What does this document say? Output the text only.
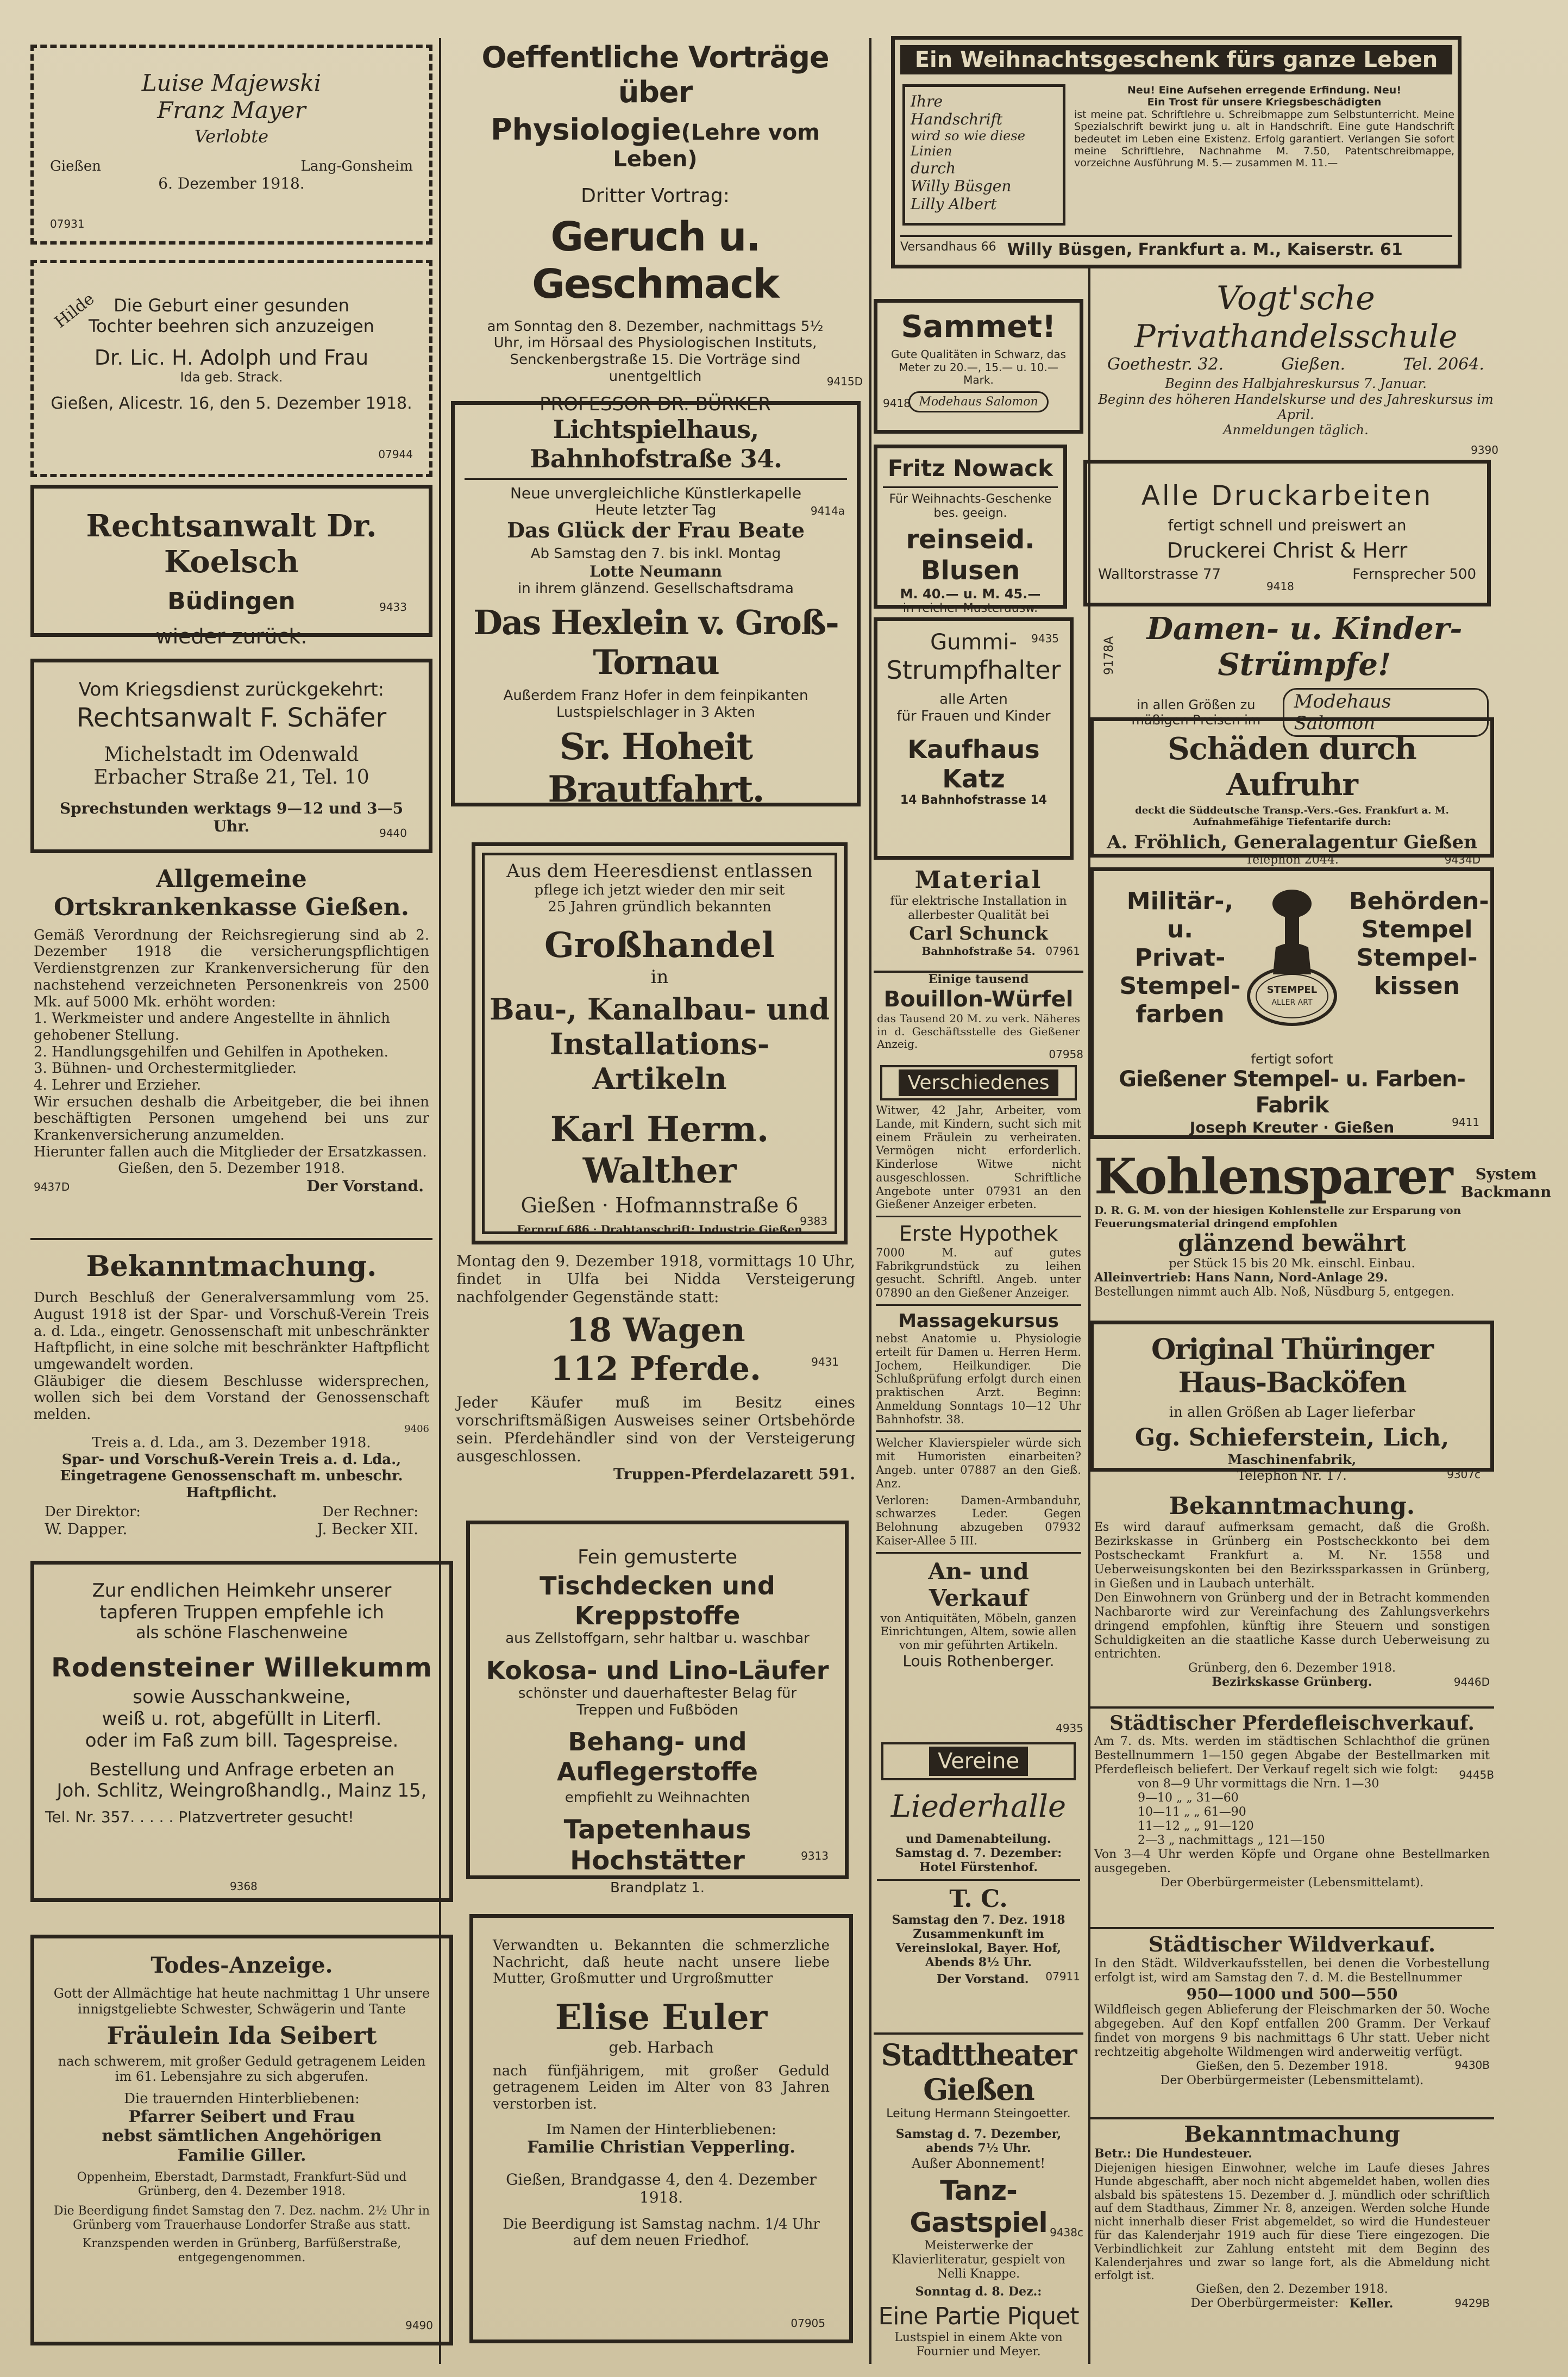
Luise Majewski
Franz Mayer
Verlobte
Gießen	Lang-Gonsheim
6. Dezember 1918.
07931
Hilde Die Geburt einer gesunden
Tochter beehren sich anzuzeigen
Dr. Lic. H. Adolph und Frau
Ida geb. Strack.
Gießen, Alicestr. 16, den 5. Dezember 1918.
07944
Rechtsanwalt Dr. Koelsch
Büdingen
wieder zurück.
9433
Vom Kriegsdienst zurückgekehrt:
Rechtsanwalt F. Schäfer
Michelstadt im Odenwald
Erbacher Straße 21, Tel. 10
Sprechstunden werktags 9—12 und 3—5 Uhr.	9440
Allgemeine Ortskrankenkasse Gießen.
Gemäß Verordnung der Reichsregierung sind ab 2. Dezember 1918 die versicherungspflichtigen Verdienstgrenzen zur Krankenversicherung für den nachstehend verzeichneten Personenkreis von 2500 Mk. auf 5000 Mk. erhöht worden:
1. Werkmeister und andere Angestellte in ähnlich gehobener Stellung.
2. Handlungsgehilfen und Gehilfen in Apotheken.
3. Bühnen- und Orchestermitglieder.
4. Lehrer und Erzieher.
Wir ersuchen deshalb die Arbeitgeber, die bei ihnen beschäftigten Personen umgehend bei uns zur Krankenversicherung anzumelden.
Hierunter fallen auch die Mitglieder der Ersatzkassen.
Gießen, den 5. Dezember 1918.
9437D	Der Vorstand.
Bekanntmachung.
Durch Beschluß der Generalversammlung vom 25. August 1918 ist der Spar- und Vorschuß-Verein Treis a. d. Lda., eingetr. Genossenschaft mit unbeschränkter Haftpflicht, in eine solche mit beschränkter Haftpflicht umgewandelt worden.
Gläubiger die diesem Beschlusse widersprechen, wollen sich bei dem Vorstand der Genossenschaft melden.
9406
Treis a. d. Lda., am 3. Dezember 1918.
Spar- und Vorschuß-Verein Treis a. d. Lda., Eingetragene Genossenschaft m. unbeschr. Haftpflicht.
Der Direktor:	Der Rechner:
W. Dapper.	J. Becker XII.
Zur endlichen Heimkehr unserer
tapferen Truppen empfehle ich
als schöne Flaschenweine
Rodensteiner Willekumm
sowie Ausschankweine,
weiß u. rot, abgefüllt in Literfl.
oder im Faß zum bill. Tagespreise.
Bestellung und Anfrage erbeten an
Joh. Schlitz, Weingroßhandlg., Mainz 15,
Tel. Nr. 357. . . . . Platzvertreter gesucht!
9368
Todes-Anzeige.
Gott der Allmächtige hat heute nachmittag 1 Uhr unsere innigstgeliebte Schwester, Schwägerin und Tante
Fräulein Ida Seibert
nach schwerem, mit großer Geduld getragenem Leiden im 61. Lebensjahre zu sich abgerufen.
Die trauernden Hinterbliebenen:
Pfarrer Seibert und Frau
nebst sämtlichen Angehörigen
Familie Giller.
Oppenheim, Eberstadt, Darmstadt, Frankfurt-Süd und Grünberg, den 4. Dezember 1918.
Die Beerdigung findet Samstag den 7. Dez. nachm. 2½ Uhr in Grünberg vom Trauerhause Londorfer Straße aus statt.
Kranzspenden werden in Grünberg, Barfüßerstraße, entgegengenommen.
9490
Oeffentliche Vorträge über
Physiologie(Lehre vom Leben)
Dritter Vortrag:
Geruch u. Geschmack
am Sonntag den 8. Dezember, nachmittags 5½ Uhr, im Hörsaal des Physiologischen Instituts, Senckenbergstraße 15. Die Vorträge sind unentgeltlich
PROFESSOR DR. BÜRKER
9415D
Lichtspielhaus, Bahnhofstraße 34.
Neue unvergleichliche Künstlerkapelle
Heute letzter Tag	9414a
Das Glück der Frau Beate
Ab Samstag den 7. bis inkl. Montag
Lotte Neumann
in ihrem glänzend. Gesellschaftsdrama
Das Hexlein v. Groß-Tornau
Außerdem Franz Hofer in dem feinpikanten Lustspielschlager in 3 Akten
Sr. Hoheit Brautfahrt.
Aus dem Heeresdienst entlassen
pflege ich jetzt wieder den mir seit
25 Jahren gründlich bekannten
Großhandel
in
Bau-, Kanalbau- und
Installations-Artikeln
Karl Herm. Walther
Gießen · Hofmannstraße 6
Fernruf 686 · Drahtanschrift: Industrie Gießen
9383
Montag den 9. Dezember 1918, vormittags 10 Uhr, findet in Ulfa bei Nidda Versteigerung nachfolgender Gegenstände statt:
18 Wagen
112 Pferde.	9431
Jeder Käufer muß im Besitz eines vorschriftsmäßigen Ausweises seiner Ortsbehörde sein. Pferdehändler sind von der Versteigerung ausgeschlossen.
Truppen-Pferdelazarett 591.
Fein gemusterte
Tischdecken und Kreppstoffe
aus Zellstoffgarn, sehr haltbar u. waschbar
Kokosa- und Lino-Läufer
schönster und dauerhaftester Belag für
Treppen und Fußböden
Behang- und Auflegerstoffe
empfiehlt zu Weihnachten
Tapetenhaus Hochstätter
Brandplatz 1.
9313
Verwandten u. Bekannten die schmerzliche Nachricht, daß heute nacht unsere liebe Mutter, Großmutter und Urgroßmutter
Elise Euler
geb. Harbach
nach fünfjährigem, mit großer Geduld getragenem Leiden im Alter von 83 Jahren verstorben ist.
Im Namen der Hinterbliebenen:
Familie Christian Vepperling.
Gießen, Brandgasse 4, den 4. Dezember 1918.
Die Beerdigung ist Samstag nachm. 1/4 Uhr auf dem neuen Friedhof.
07905
Sammet!
Gute Qualitäten in Schwarz, das Meter zu 20.—, 15.— u. 10.— Mark.
Modehaus Salomon
9418
Fritz Nowack
Für Weihnachts-Geschenke bes. geeign.
reinseid. Blusen
M. 40.— u. M. 45.—
in reicher Musterausw.
Gummi-
Strumpfhalter
alle Arten
für Frauen und Kinder
Kaufhaus Katz
14 Bahnhofstrasse 14
9435
Material
für elektrische Installation in allerbester Qualität bei
Carl Schunck
Bahnhofstraße 54. 07961
Einige tausend
Bouillon-Würfel
das Tausend 20 M. zu verk. Näheres in d. Geschäftsstelle des Gießener Anzeig.
07958
Verschiedenes
Witwer, 42 Jahr, Arbeiter, vom Lande, mit Kindern, sucht sich mit einem Fräulein zu verheiraten. Vermögen nicht erforderlich. Kinderlose Witwe nicht ausgeschlossen. Schriftliche Angebote unter 07931 an den Gießener Anzeiger erbeten.
Erste Hypothek
7000 M. auf gutes Fabrikgrundstück zu leihen gesucht. Schriftl. Angeb. unter 07890 an den Gießener Anzeiger.
Massagekursus
nebst Anatomie u. Physiologie erteilt für Damen u. Herren Herm. Jochem, Heilkundiger. Die Schlußprüfung erfolgt durch einen praktischen Arzt. Beginn: Anmeldung Sonntags 10—12 Uhr Bahnhofstr. 38.
Welcher Klavierspieler würde sich mit Humoristen einarbeiten? Angeb. unter 07887 an den Gieß. Anz.
Verloren: Damen-Armbanduhr, schwarzes Leder. Gegen Belohnung abzugeben 07932 Kaiser-Allee 5 III.
An- und Verkauf
von Antiquitäten, Möbeln, ganzen Einrichtungen, Altem, sowie allen von mir geführten Artikeln.
Louis Rothenberger.
4935
Vereine
Liederhalle
und Damenabteilung. Samstag d. 7. Dezember: Hotel Fürstenhof.
T. C.
Samstag den 7. Dez. 1918 Zusammenkunft im Vereinslokal, Bayer. Hof, Abends 8½ Uhr.
07911
Der Vorstand.
Stadttheater Gießen
Leitung Hermann Steingoetter.
Samstag d. 7. Dezember, abends 7½ Uhr.
Außer Abonnement!
Tanz-Gastspiel
Meisterwerke der Klavierliteratur, gespielt von Nelli Knappe.
Sonntag d. 8. Dez.:
Eine Partie Piquet
Lustspiel in einem Akte von Fournier und Meyer.
9438c
Ein Weihnachtsgeschenk fürs ganze Leben
Ihre
Handschrift
wird so wie diese Linien
durch
Willy Büsgen
Lilly Albert
Neu! Eine Aufsehen erregende Erfindung. Neu!
Ein Trost für unsere Kriegsbeschädigten
ist meine pat. Schriftlehre u. Schreibmappe zum Selbstunterricht. Meine Spezialschrift bewirkt jung u. alt in Handschrift. Eine gute Handschrift bedeutet im Leben eine Existenz. Erfolg garantiert. Verlangen Sie sofort meine Schriftlehre, Nachnahme M. 7.50, Patentschreibmappe, vorzeichne Ausführung M. 5.— zusammen M. 11.—
Versandhaus 66 Willy Büsgen, Frankfurt a. M., Kaiserstr. 61
Vogt'sche
Privathandelsschule
Goethestr. 32.	Gießen.	Tel. 2064.
Beginn des Halbjahreskursus 7. Januar.
Beginn des höheren Handelskurse und des Jahreskursus im April.
Anmeldungen täglich.
9390
Alle Druckarbeiten
fertigt schnell und preiswert an
Druckerei Christ & Herr
Walltorstrasse 77	Fernsprecher 500
9418
9178A
Damen- u. Kinder-Strümpfe!
in allen Größen zu mäßigen Preisen im
Modehaus Salomon
Schäden durch Aufruhr
deckt die Süddeutsche Transp.-Vers.-Ges. Frankfurt a. M. Aufnahmefähige Tiefentarife durch:
A. Fröhlich, Generalagentur Gießen
Telephon 2044.	9434D
Militär-,
u. Privat-
Stempel-
farben
STEMPEL
ALLER ART
Behörden-
Stempel
Stempel-
kissen
fertigt sofort
Gießener Stempel- u. Farben-Fabrik
Joseph Kreuter · Gießen	9411
Kohlensparer	System
Backmann
D. R. G. M. von der hiesigen Kohlenstelle zur Ersparung von Feuerungsmaterial dringend empfohlen
glänzend bewährt
per Stück 15 bis 20 Mk. einschl. Einbau.
Alleinvertrieb: Hans Nann, Nord-Anlage 29.
Bestellungen nimmt auch Alb. Noß, Nüsdburg 5, entgegen.
Original Thüringer Haus-Backöfen
in allen Größen ab Lager lieferbar
Gg. Schieferstein, Lich,
Maschinenfabrik,
Telephon Nr. 17.	9307c
Bekanntmachung.
Es wird darauf aufmerksam gemacht, daß die Großh. Bezirkskasse in Grünberg ein Postscheckkonto bei dem Postscheckamt Frankfurt a. M. Nr. 1558 und Ueberweisungskonten bei den Bezirkssparkassen in Grünberg, in Gießen und in Laubach unterhält.
Den Einwohnern von Grünberg und der in Betracht kommenden Nachbarorte wird zur Vereinfachung des Zahlungsverkehrs dringend empfohlen, künftig ihre Steuern und sonstigen Schuldigkeiten an die staatliche Kasse durch Ueberweisung zu entrichten.
Grünberg, den 6. Dezember 1918.
Bezirkskasse Grünberg.	9446D
Städtischer Pferdefleischverkauf.
Am 7. ds. Mts. werden im städtischen Schlachthof die grünen Bestellnummern 1—150 gegen Abgabe der Bestellmarken mit Pferdefleisch beliefert. Der Verkauf regelt sich wie folgt:
von 8—9 Uhr vormittags die Nrn. 1—30
9—10 „ „ 31—60
10—11 „ „ 61—90
11—12 „ „ 91—120
2—3 „ nachmittags „ 121—150
Von 3—4 Uhr werden Köpfe und Organe ohne Bestellmarken ausgegeben.
Der Oberbürgermeister (Lebensmittelamt).
9445B
Städtischer Wildverkauf.
In den Städt. Wildverkaufsstellen, bei denen die Vorbestellung erfolgt ist, wird am Samstag den 7. d. M. die Bestellnummer
950—1000 und 500—550
Wildfleisch gegen Ablieferung der Fleischmarken der 50. Woche abgegeben. Auf den Kopf entfallen 200 Gramm. Der Verkauf findet von morgens 9 bis nachmittags 6 Uhr statt. Ueber nicht rechtzeitig abgeholte Wildmengen wird anderweitig verfügt.
Gießen, den 5. Dezember 1918.
Der Oberbürgermeister (Lebensmittelamt).
9430B
Bekanntmachung
Betr.: Die Hundesteuer.
Diejenigen hiesigen Einwohner, welche im Laufe dieses Jahres Hunde abgeschafft, aber noch nicht abgemeldet haben, wollen dies alsbald bis spätestens 15. Dezember d. J. mündlich oder schriftlich auf dem Stadthaus, Zimmer Nr. 8, anzeigen. Werden solche Hunde nicht innerhalb dieser Frist abgemeldet, so wird die Hundesteuer für das Kalenderjahr 1919 auch für diese Tiere eingezogen. Die Verbindlichkeit zur Zahlung entsteht mit dem Beginn des Kalenderjahres und zwar so lange fort, als die Abmeldung nicht erfolgt ist.
Gießen, den 2. Dezember 1918.
Der Oberbürgermeister: Keller.	9429B
